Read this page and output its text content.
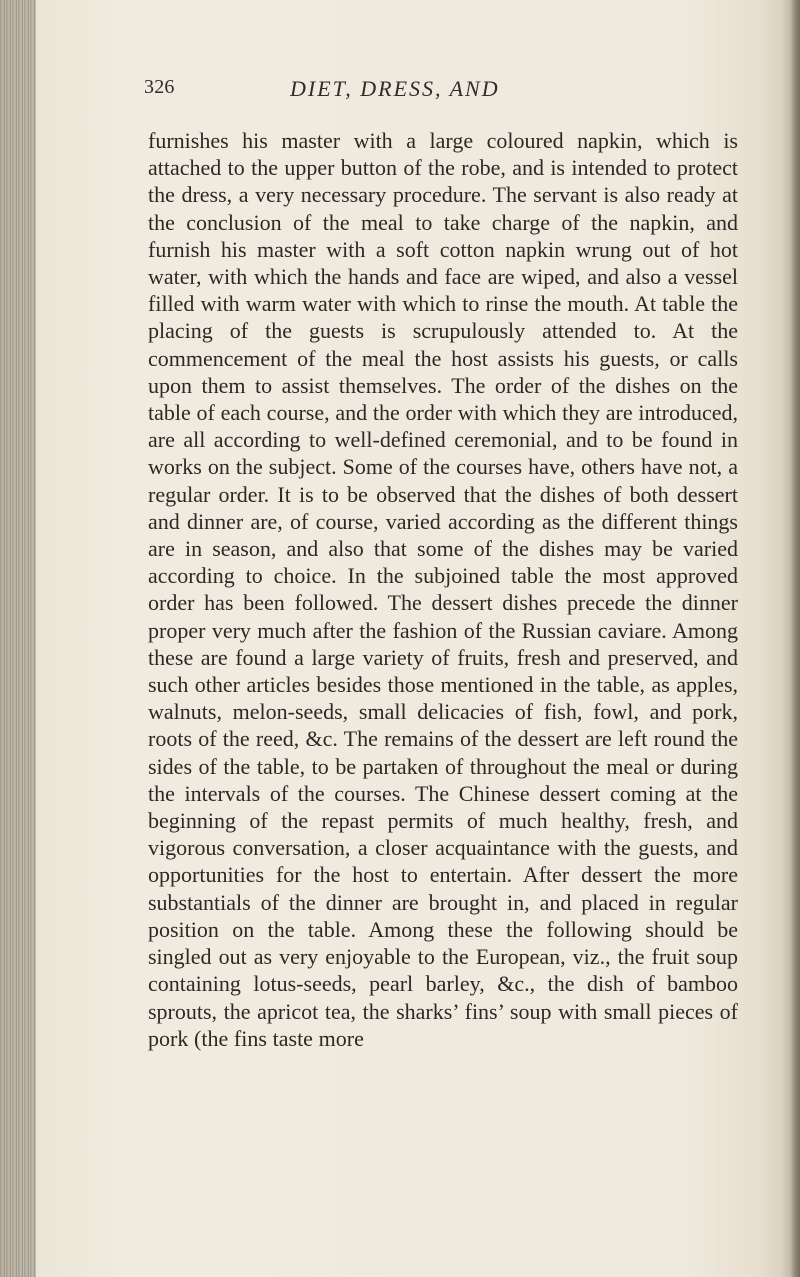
326	DIET, DRESS, AND
furnishes his master with a large coloured napkin, which is attached to the upper button of the robe, and is intended to protect the dress, a very necessary procedure. The servant is also ready at the conclusion of the meal to take charge of the napkin, and furnish his master with a soft cotton napkin wrung out of hot water, with which the hands and face are wiped, and also a vessel filled with warm water with which to rinse the mouth. At table the placing of the guests is scrupulously attended to. At the commencement of the meal the host assists his guests, or calls upon them to assist themselves. The order of the dishes on the table of each course, and the order with which they are introduced, are all according to well-defined ceremonial, and to be found in works on the subject. Some of the courses have, others have not, a regular order. It is to be observed that the dishes of both dessert and dinner are, of course, varied according as the different things are in season, and also that some of the dishes may be varied according to choice. In the subjoined table the most approved order has been followed. The dessert dishes precede the dinner proper very much after the fashion of the Russian caviare. Among these are found a large variety of fruits, fresh and preserved, and such other articles besides those mentioned in the table, as apples, walnuts, melon-seeds, small delicacies of fish, fowl, and pork, roots of the reed, &c. The remains of the dessert are left round the sides of the table, to be partaken of throughout the meal or during the intervals of the courses. The Chinese dessert coming at the beginning of the repast permits of much healthy, fresh, and vigorous conversation, a closer acquaintance with the guests, and opportunities for the host to entertain. After dessert the more substantials of the dinner are brought in, and placed in regular position on the table. Among these the following should be singled out as very enjoyable to the European, viz., the fruit soup containing lotus-seeds, pearl barley, &c., the dish of bamboo sprouts, the apricot tea, the sharks’ fins’ soup with small pieces of pork (the fins taste more
